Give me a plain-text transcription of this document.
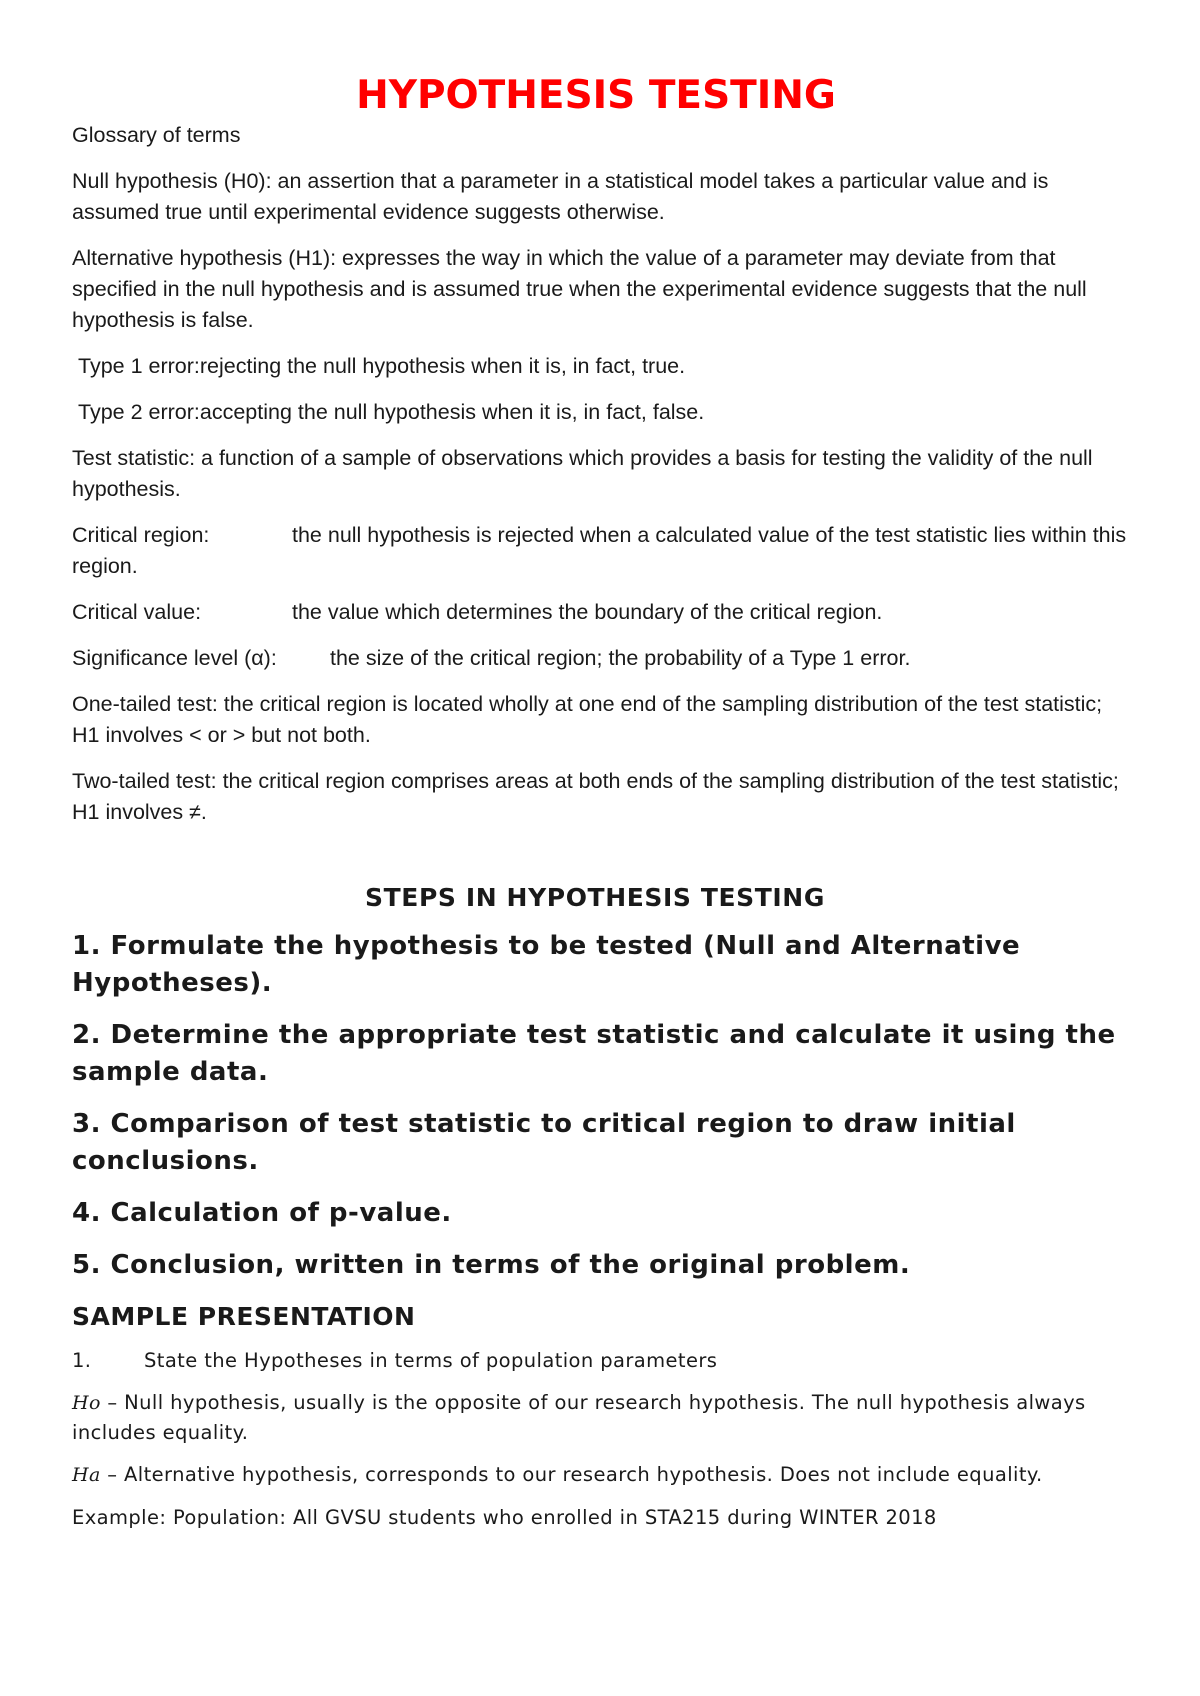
HYPOTHESIS TESTING
Glossary of terms
Null hypothesis (H0): an assertion that a parameter in a statistical model takes a particular value and is assumed true until experimental evidence suggests otherwise.
Alternative hypothesis (H1): expresses the way in which the value of a parameter may deviate from that specified in the null hypothesis and is assumed true when the experimental evidence suggests that the null hypothesis is false.
Type 1 error:rejecting the null hypothesis when it is, in fact, true.
Type 2 error:accepting the null hypothesis when it is, in fact, false.
Test statistic: a function of a sample of observations which provides a basis for testing the validity of the null hypothesis.
Critical region:	the null hypothesis is rejected when a calculated value of the test statistic lies within this region.
Critical value:	the value which determines the boundary of the critical region.
Significance level (α):	the size of the critical region; the probability of a Type 1 error.
One-tailed test: the critical region is located wholly at one end of the sampling distribution of the test statistic; H1 involves < or > but not both.
Two-tailed test: the critical region comprises areas at both ends of the sampling distribution of the test statistic; H1 involves ≠.
STEPS IN HYPOTHESIS TESTING
1. Formulate the hypothesis to be tested (Null and Alternative Hypotheses).
2. Determine the appropriate test statistic and calculate it using the sample data.
3. Comparison of test statistic to critical region to draw initial conclusions.
4. Calculation of p-value.
5. Conclusion, written in terms of the original problem.
SAMPLE PRESENTATION
1.	State the Hypotheses in terms of population parameters
Ho – Null hypothesis, usually is the opposite of our research hypothesis. The null hypothesis always includes equality.
Ha – Alternative hypothesis, corresponds to our research hypothesis. Does not include equality.
Example: Population: All GVSU students who enrolled in STA215 during WINTER 2018
